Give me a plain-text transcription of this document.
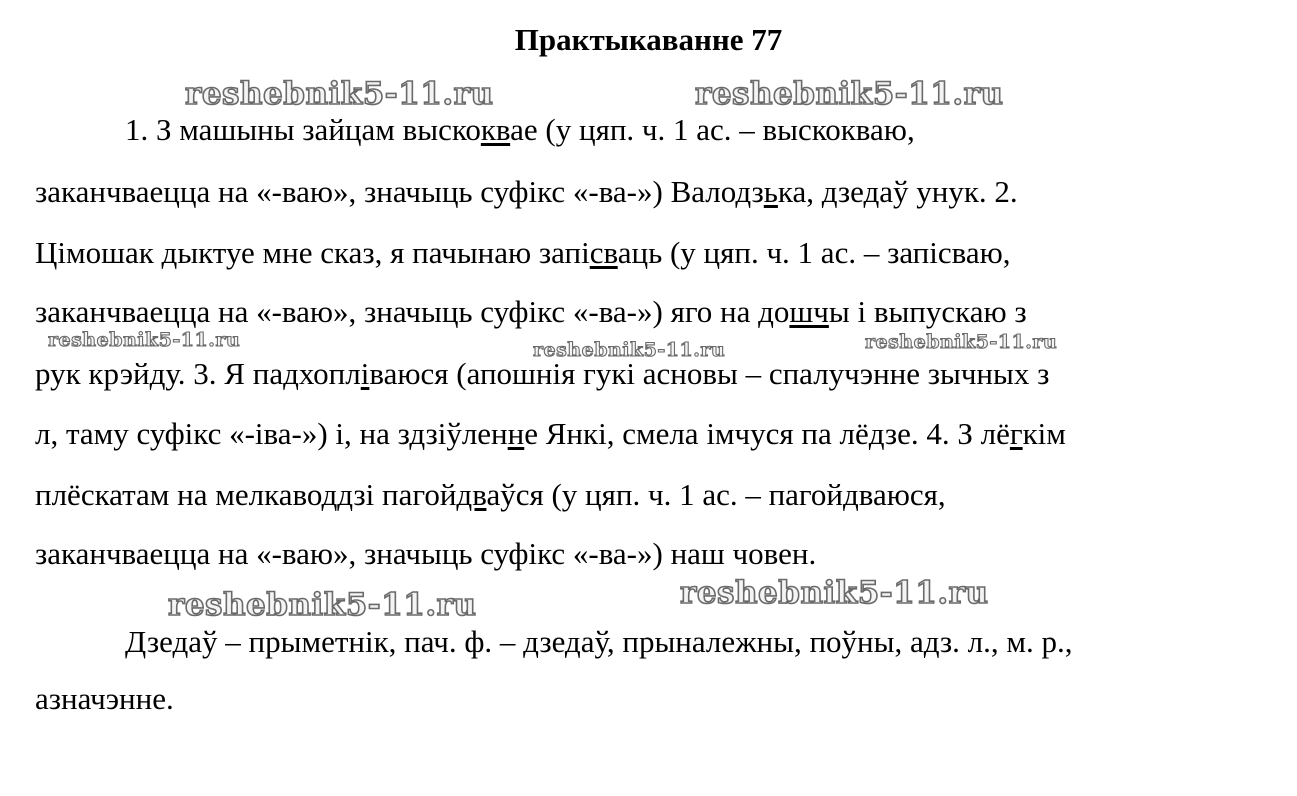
Практыкаванне 77
reshebnik5-11.ru	reshebnik5-11.ru
reshebnik5-11.ru	reshebnik5-11.ru	reshebnik5-11.ru
reshebnik5-11.ru	reshebnik5-11.ru
1. З машыны зайцам выскоквае (у цяп. ч. 1 ас. – выскокваю,
заканчваецца на «-ваю», значыць суфікс «-ва-») Валодзька, дзедаў унук. 2.
Цімошак дыктуе мне сказ, я пачынаю запісваць (у цяп. ч. 1 ас. – запісваю,
заканчваецца на «-ваю», значыць суфікс «-ва-») яго на дошчы і выпускаю з
рук крэйду. 3. Я падхопліваюся (апошнія гукі асновы – спалучэнне зычных з
л, таму суфікс «-іва-») і, на здзіўленне Янкі, смела імчуся па лёдзе. 4. З лёгкім
плёскатам на мелкаводдзі пагойдваўся (у цяп. ч. 1 ас. – пагойдваюся,
заканчваецца на «-ваю», значыць суфікс «-ва-») наш човен.
Дзедаў – прыметнік, пач. ф. – дзедаў, прыналежны, поўны, адз. л., м. р.,
азначэнне.
